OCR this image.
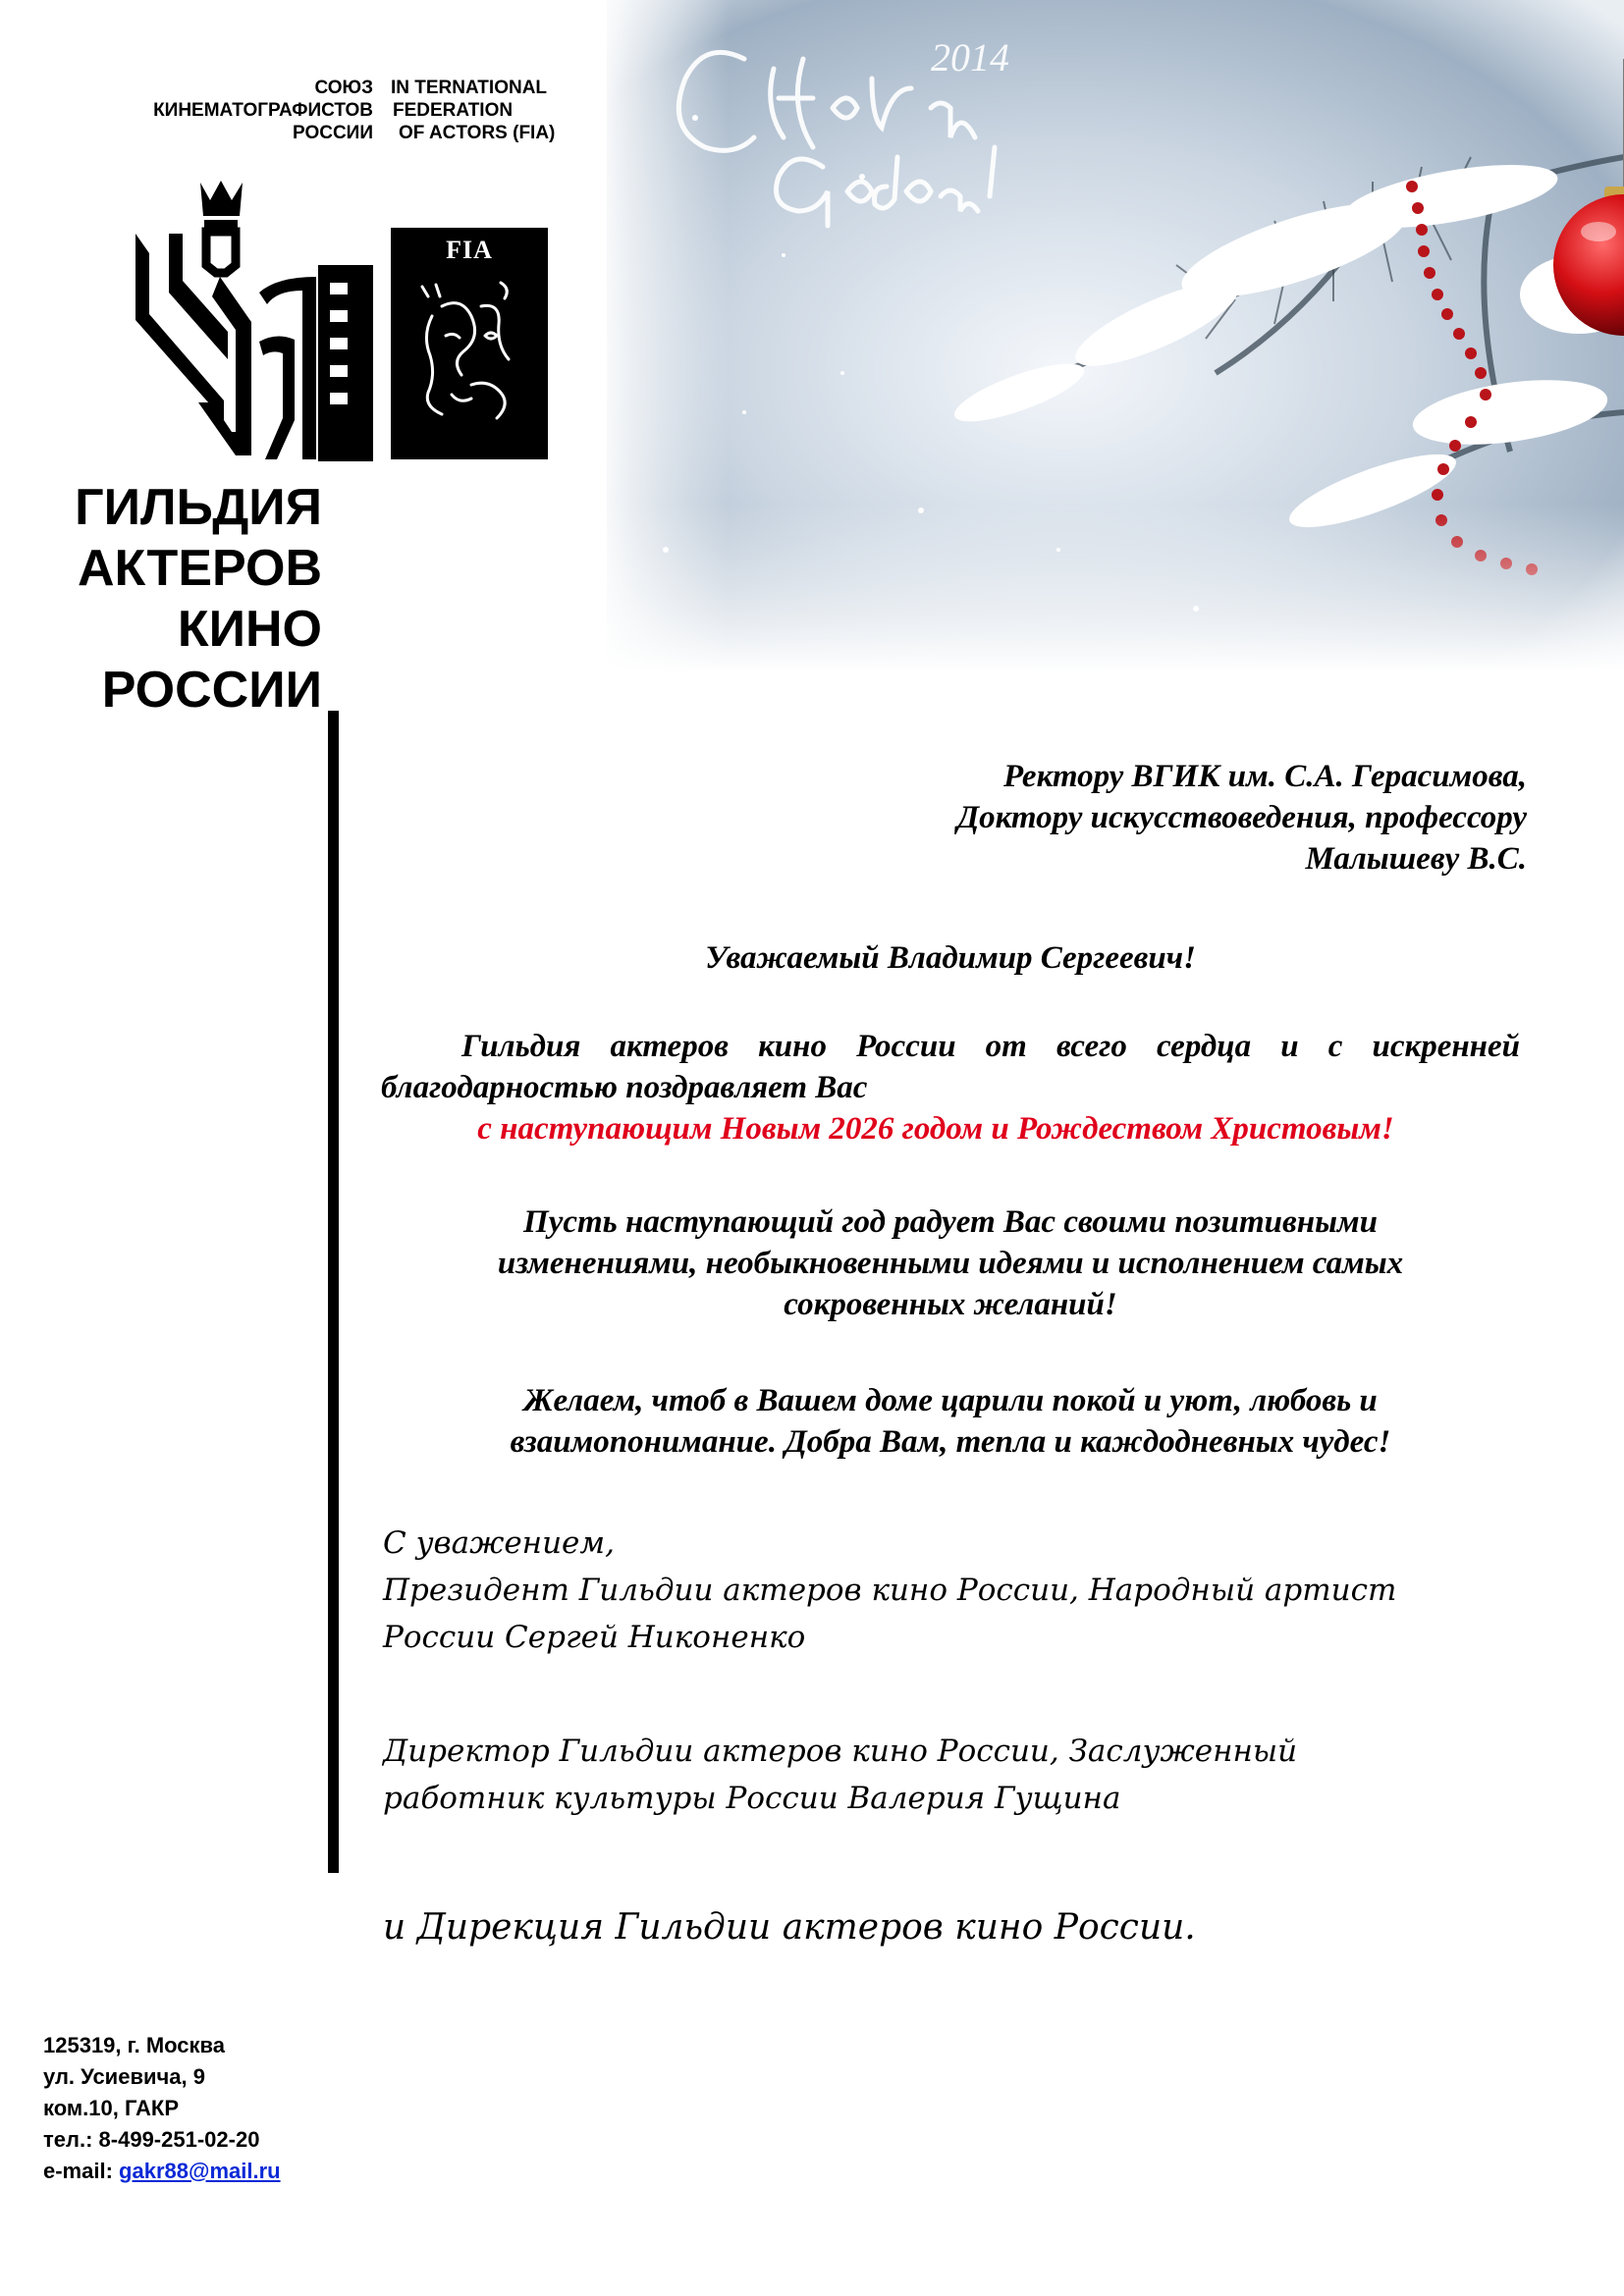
СОЮЗ
КИНЕМАТОГРАФИСТОВ
РОССИИ
IN TERNATIONAL
FEDERATION
OF ACTORS (FIA)
FIA
ГИЛЬДИЯ
АКТЕРОВ
КИНО
РОССИИ
Ректору ВГИК им. С.А. Герасимова,
Доктору искусствоведения, профессору
Малышеву В.С.
Уважаемый Владимир Сергеевич!
Гильдия актеров кино России от всего сердца и с искренней
благодарностью поздравляет Вас
с наступающим Новым 2026 годом и Рождеством Христовым!
Пусть наступающий год радует Вас своими позитивными
изменениями, необыкновенными идеями и исполнением самых
сокровенных желаний!
Желаем, чтоб в Вашем доме царили покой и уют, любовь и
взаимопонимание. Добра Вам, тепла и каждодневных чудес!
С уважением,
Президент Гильдии актеров кино России, Народный артист
России Сергей Никоненко
Директор Гильдии актеров кино России, Заслуженный
работник культуры России Валерия Гущина
и Дирекция Гильдии актеров кино России.
125319, г. Москва
ул. Усиевича, 9
ком.10, ГАКР
тел.: 8-499-251-02-20
e-mail: gakr88@mail.ru
